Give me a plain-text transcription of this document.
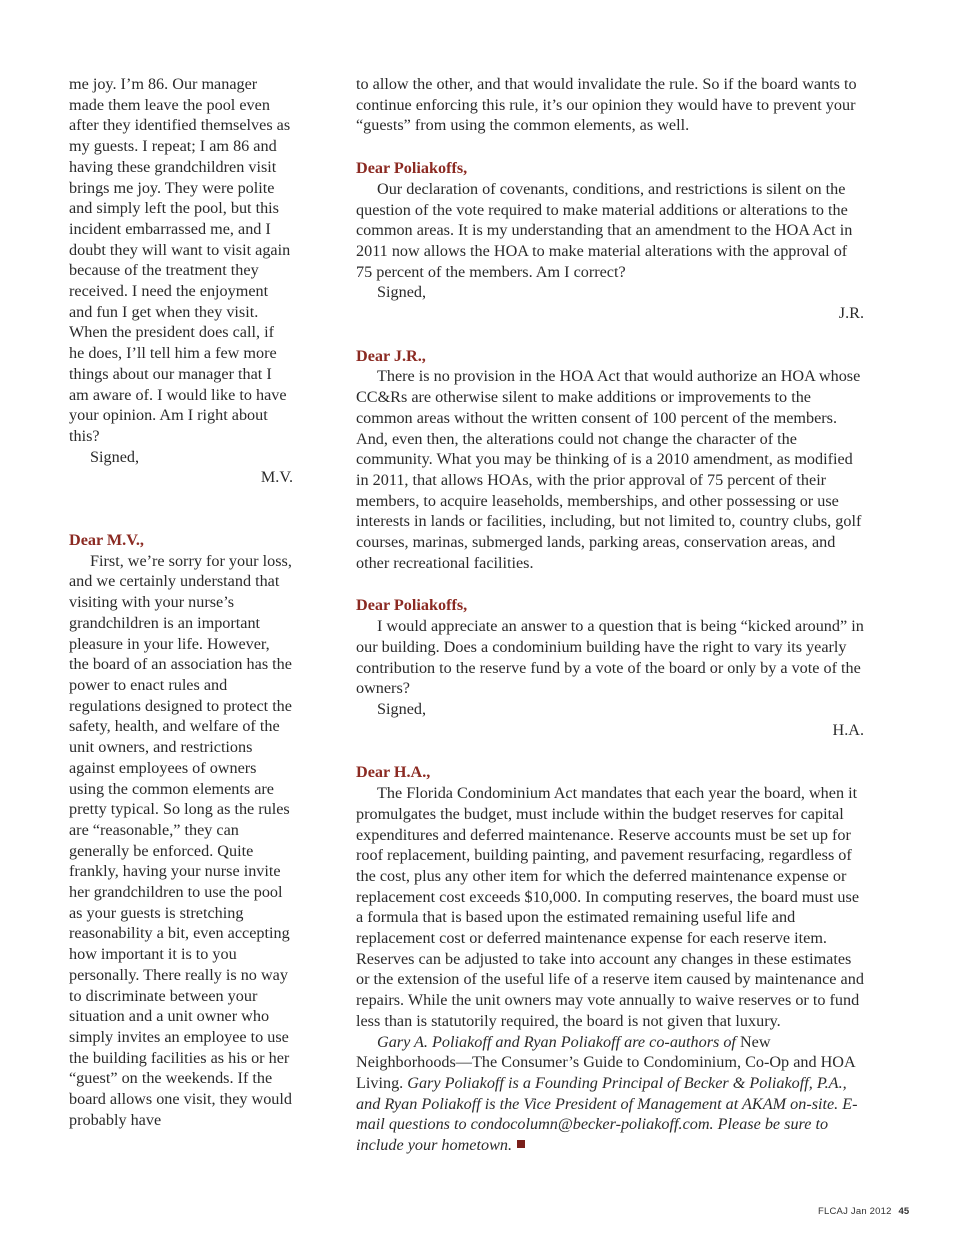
me joy. I’m 86. Our manager made them leave the pool even after they identified themselves as my guests. I repeat; I am 86 and having these grandchildren visit brings me joy. They were polite and simply left the pool, but this incident embarrassed me, and I doubt they will want to visit again because of the treatment they received. I need the enjoyment and fun I get when they visit. When the president does call, if he does, I’ll tell him a few more things about our manager that I am aware of. I would like to have your opinion. Am I right about this?

Signed,

M.V.

Dear M.V.,

First, we’re sorry for your loss, and we certainly understand that visiting with your nurse’s grandchildren is an important pleasure in your life. However, the board of an association has the power to enact rules and regulations designed to protect the safety, health, and welfare of the unit owners, and restrictions against employees of owners using the common elements are pretty typical. So long as the rules are “reasonable,” they can generally be enforced. Quite frankly, having your nurse invite her grandchildren to use the pool as your guests is stretching reasonability a bit, even accepting how important it is to you personally. There really is no way to discriminate between your situation and a unit owner who simply invites an employee to use the building facilities as his or her “guest” on the weekends. If the board allows one visit, they would probably have

to allow the other, and that would invalidate the rule. So if the board wants to continue enforcing this rule, it’s our opinion they would have to prevent your “guests” from using the common elements, as well.

Dear Poliakoffs,

Our declaration of covenants, conditions, and restrictions is silent on the question of the vote required to make material additions or alterations to the common areas. It is my understanding that an amendment to the HOA Act in 2011 now allows the HOA to make material alterations with the approval of 75 percent of the members. Am I correct?

Signed,

J.R.

Dear J.R.,

There is no provision in the HOA Act that would authorize an HOA whose CC&Rs are otherwise silent to make additions or improvements to the common areas without the written consent of 100 percent of the members. And, even then, the alterations could not change the character of the community. What you may be thinking of is a 2010 amendment, as modified in 2011, that allows HOAs, with the prior approval of 75 percent of their members, to acquire leaseholds, memberships, and other possessing or use interests in lands or facilities, including, but not limited to, country clubs, golf courses, marinas, submerged lands, parking areas, conservation areas, and other recreational facilities.

Dear Poliakoffs,

I would appreciate an answer to a question that is being “kicked around” in our building. Does a condominium building have the right to vary its yearly contribution to the reserve fund by a vote of the board or only by a vote of the owners?

Signed,

H.A.

Dear H.A.,

The Florida Condominium Act mandates that each year the board, when it promulgates the budget, must include within the budget reserves for capital expenditures and deferred maintenance. Reserve accounts must be set up for roof replacement, building painting, and pavement resurfacing, regardless of the cost, plus any other item for which the deferred maintenance expense or replacement cost exceeds $10,000. In computing reserves, the board must use a formula that is based upon the estimated remaining useful life and replacement cost or deferred maintenance expense for each reserve item. Reserves can be adjusted to take into account any changes in these estimates or the extension of the useful life of a reserve item caused by maintenance and repairs. While the unit owners may vote annually to waive reserves or to fund less than is statutorily required, the board is not given that luxury.

Gary A. Poliakoff and Ryan Poliakoff are co-authors of New Neighborhoods—The Consumer’s Guide to Condominium, Co-Op and HOA Living. Gary Poliakoff is a Founding Principal of Becker & Poliakoff, P.A., and Ryan Poliakoff is the Vice President of Management at AKAM on-site. E-mail questions to condocolumn@becker-poliakoff.com. Please be sure to include your hometown.

FLCAJ Jan 2012 45
